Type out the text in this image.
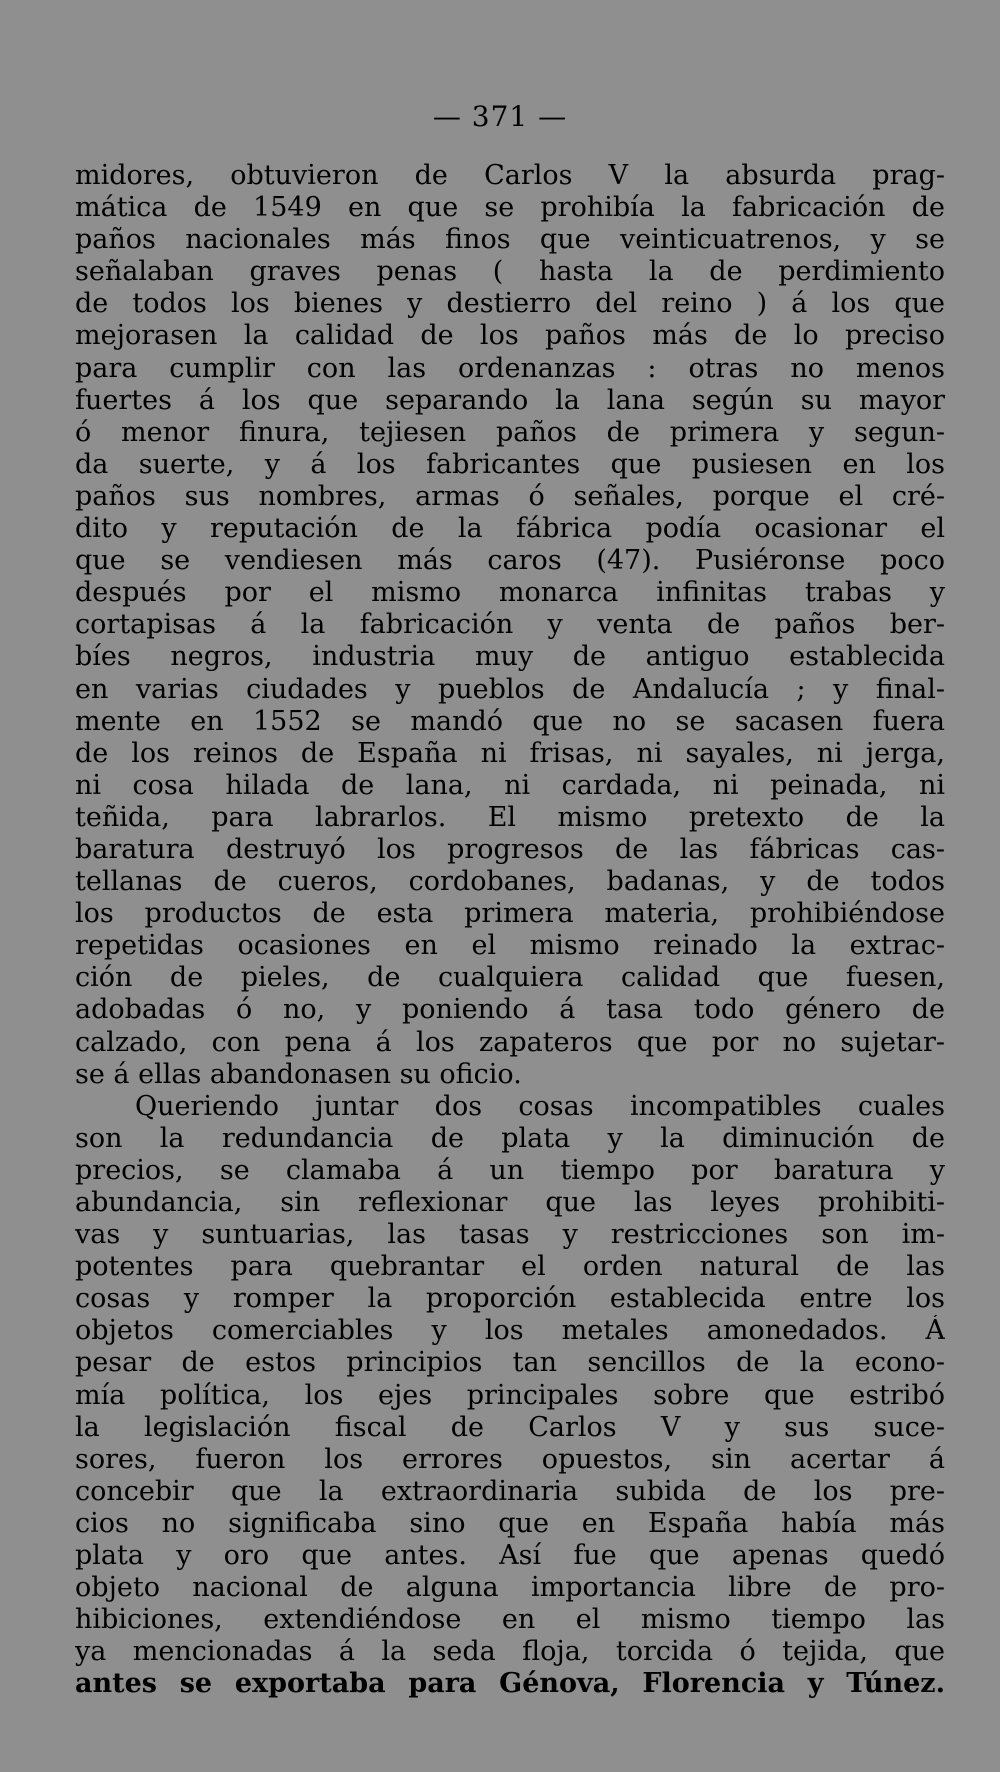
— 371 —
midores, obtuvieron de Carlos V la absurda prag-
mática de 1549 en que se prohibía la fabricación de
paños nacionales más finos que veinticuatrenos, y se
señalaban graves penas ( hasta la de perdimiento
de todos los bienes y destierro del reino ) á los que
mejorasen la calidad de los paños más de lo preciso
para cumplir con las ordenanzas : otras no menos
fuertes á los que separando la lana según su mayor
ó menor finura, tejiesen paños de primera y segun-
da suerte, y á los fabricantes que pusiesen en los
paños sus nombres, armas ó señales, porque el cré-
dito y reputación de la fábrica podía ocasionar el
que se vendiesen más caros (47). Pusiéronse poco
después por el mismo monarca infinitas trabas y
cortapisas á la fabricación y venta de paños ber-
bíes negros, industria muy de antiguo establecida
en varias ciudades y pueblos de Andalucía ; y final-
mente en 1552 se mandó que no se sacasen fuera
de los reinos de España ni frisas, ni sayales, ni jerga,
ni cosa hilada de lana, ni cardada, ni peinada, ni
teñida, para labrarlos. El mismo pretexto de la
baratura destruyó los progresos de las fábricas cas-
tellanas de cueros, cordobanes, badanas, y de todos
los productos de esta primera materia, prohibiéndose
repetidas ocasiones en el mismo reinado la extrac-
ción de pieles, de cualquiera calidad que fuesen,
adobadas ó no, y poniendo á tasa todo género de
calzado, con pena á los zapateros que por no sujetar-
se á ellas abandonasen su oficio.
Queriendo juntar dos cosas incompatibles cuales
son la redundancia de plata y la diminución de
precios, se clamaba á un tiempo por baratura y
abundancia, sin reflexionar que las leyes prohibiti-
vas y suntuarias, las tasas y restricciones son im-
potentes para quebrantar el orden natural de las
cosas y romper la proporción establecida entre los
objetos comerciables y los metales amonedados. Á
pesar de estos principios tan sencillos de la econo-
mía política, los ejes principales sobre que estribó
la legislación fiscal de Carlos V y sus suce-
sores, fueron los errores opuestos, sin acertar á
concebir que la extraordinaria subida de los pre-
cios no significaba sino que en España había más
plata y oro que antes. Así fue que apenas quedó
objeto nacional de alguna importancia libre de pro-
hibiciones, extendiéndose en el mismo tiempo las
ya mencionadas á la seda floja, torcida ó tejida, que
antes se exportaba para Génova, Florencia y Túnez.
